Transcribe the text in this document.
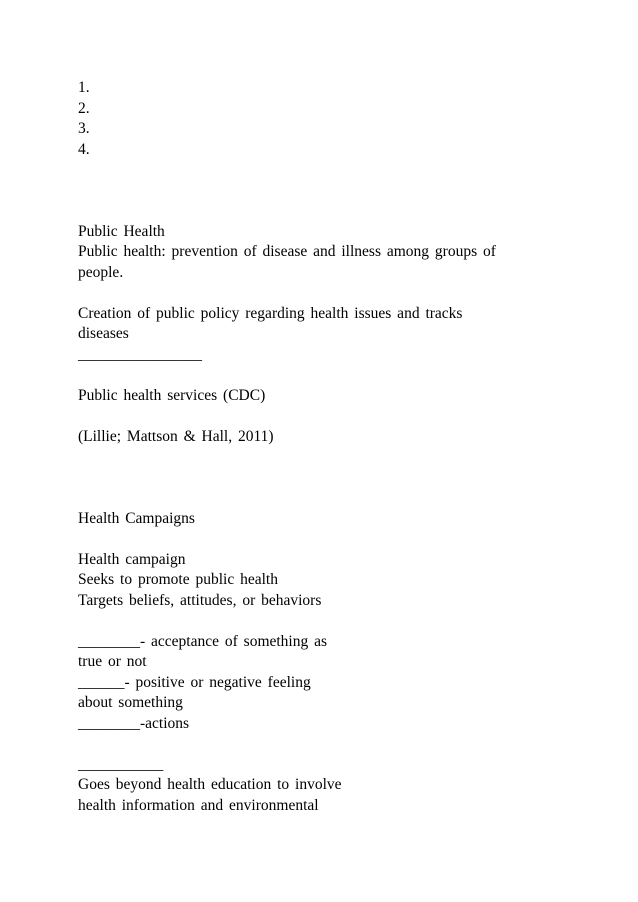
1.
2.
3.
4.
Public Health
Public health: prevention of disease and illness among groups of
people.
Creation of public policy regarding health issues and tracks
diseases
________________
Public health services (CDC)
(Lillie; Mattson & Hall, 2011)
Health Campaigns
Health campaign
Seeks to promote public health
Targets beliefs, attitudes, or behaviors
________- acceptance of something as
true or not
______- positive or negative feeling
about something
________-actions
___________
Goes beyond health education to involve
health information and environmental
